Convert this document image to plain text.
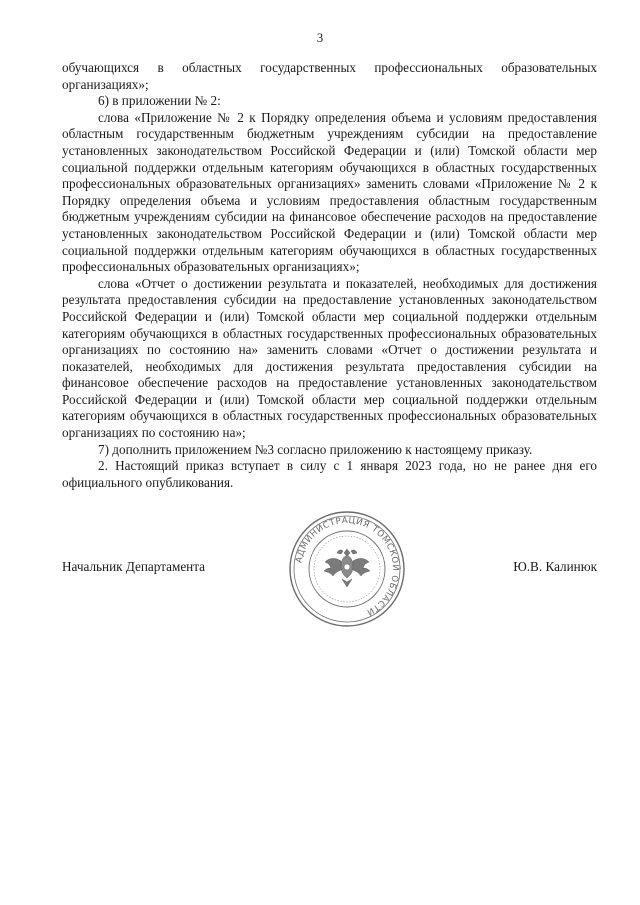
3

обучающихся в областных государственных профессиональных образовательных организациях»;

6) в приложении № 2:

слова «Приложение № 2 к Порядку определения объема и условиям предоставления областным государственным бюджетным учреждениям субсидии на предоставление установленных законодательством Российской Федерации и (или) Томской области мер социальной поддержки отдельным категориям обучающихся в областных государственных профессиональных образовательных организациях» заменить словами «Приложение № 2 к Порядку определения объема и условиям предоставления областным государственным бюджетным учреждениям субсидии на финансовое обеспечение расходов на предоставление установленных законодательством Российской Федерации и (или) Томской области мер социальной поддержки отдельным категориям обучающихся в областных государственных профессиональных образовательных организациях»;

слова «Отчет о достижении результата и показателей, необходимых для достижения результата предоставления субсидии на предоставление установленных законодательством Российской Федерации и (или) Томской области мер социальной поддержки отдельным категориям обучающихся в областных государственных профессиональных образовательных организациях по состоянию на» заменить словами «Отчет о достижении результата и показателей, необходимых для достижения результата предоставления субсидии на финансовое обеспечение расходов на предоставление установленных законодательством Российской Федерации и (или) Томской области мер социальной поддержки отдельным категориям обучающихся в областных государственных профессиональных образовательных организациях по состоянию на»;

7) дополнить приложением №3 согласно приложению к настоящему приказу.

2. Настоящий приказ вступает в силу с 1 января 2023 года, но не ранее дня его официального опубликования.

Начальник Департамента	Ю.В. Калинюк
АДМИНИСТРАЦИЯ ТОМСКОЙ ОБЛАСТИ
